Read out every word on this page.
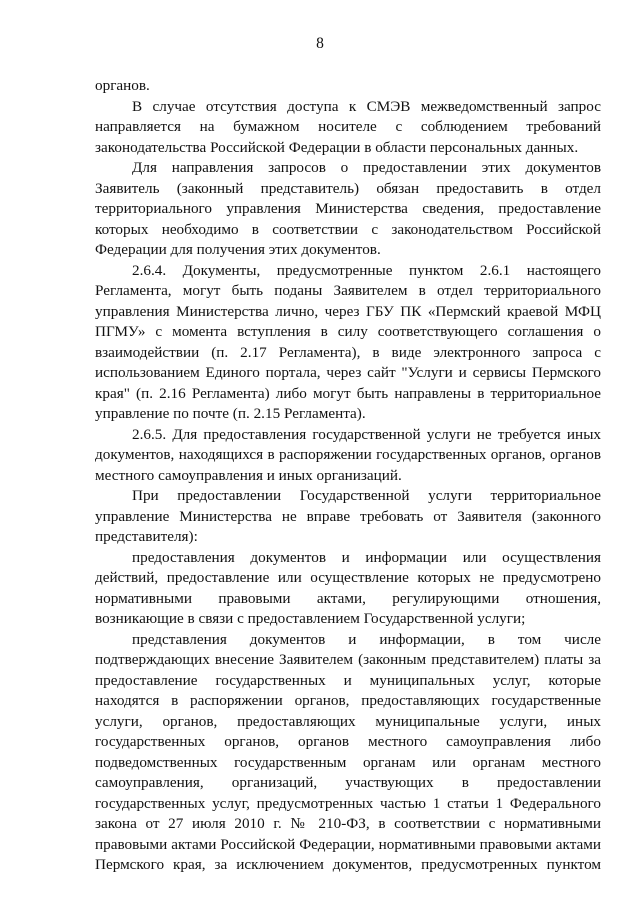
8
органов.
В случае отсутствия доступа к СМЭВ межведомственный запрос
направляется на бумажном носителе с соблюдением требований
законодательства Российской Федерации в области персональных данных.
Для направления запросов о предоставлении этих документов
Заявитель (законный представитель) обязан предоставить в отдел
территориального управления Министерства сведения, предоставление
которых необходимо в соответствии с законодательством Российской
Федерации для получения этих документов.
2.6.4. Документы, предусмотренные пунктом 2.6.1 настоящего
Регламента, могут быть поданы Заявителем в отдел территориального
управления Министерства лично, через ГБУ ПК «Пермский краевой МФЦ
ПГМУ» с момента вступления в силу соответствующего соглашения о
взаимодействии (п. 2.17 Регламента), в виде электронного запроса с
использованием Единого портала, через сайт "Услуги и сервисы Пермского
края" (п. 2.16 Регламента) либо могут быть направлены в территориальное
управление по почте (п. 2.15 Регламента).
2.6.5. Для предоставления государственной услуги не требуется иных
документов, находящихся в распоряжении государственных органов, органов
местного самоуправления и иных организаций.
При предоставлении Государственной услуги территориальное
управление Министерства не вправе требовать от Заявителя (законного
представителя):
предоставления документов и информации или осуществления
действий, предоставление или осуществление которых не предусмотрено
нормативными правовыми актами, регулирующими отношения,
возникающие в связи с предоставлением Государственной услуги;
представления документов и информации, в том числе
подтверждающих внесение Заявителем (законным представителем) платы за
предоставление государственных и муниципальных услуг, которые
находятся в распоряжении органов, предоставляющих государственные
услуги, органов, предоставляющих муниципальные услуги, иных
государственных органов, органов местного самоуправления либо
подведомственных государственным органам или органам местного
самоуправления, организаций, участвующих в предоставлении
государственных услуг, предусмотренных частью 1 статьи 1 Федерального
закона от 27 июля 2010 г. № 210-ФЗ, в соответствии с нормативными
правовыми актами Российской Федерации, нормативными правовыми актами
Пермского края, за исключением документов, предусмотренных пунктом
